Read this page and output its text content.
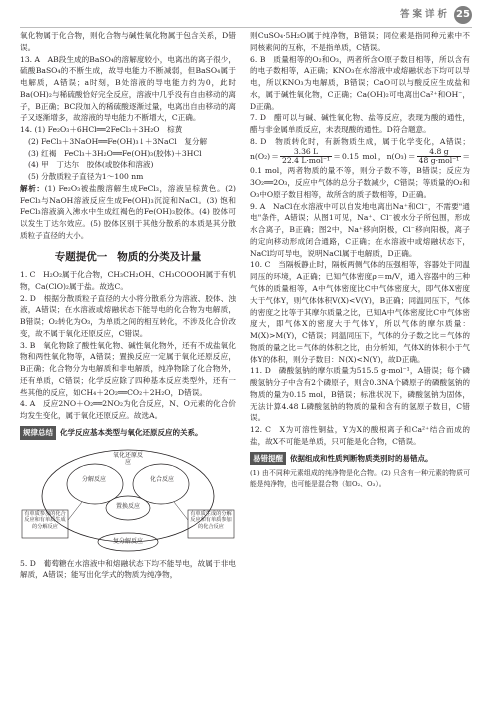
答案详析 25

氧化物属于化合物，则化合物与碱性氧化物属于包含关系，D错误。

13. A　AB段生成的BaSO₄的溶解度较小，电离出的离子很少，硫酸BaSO₄的不断生成，故导电能力不断减弱，但BaSO₄属于电解质，A错误；a时刻，B处溶液的导电能力约为0，此时Ba(OH)₂与稀硫酸恰好完全反应，溶液中几乎没有自由移动的离子，B正确；BC段加入的稀硫酸逐渐过量，电离出自由移动的离子又逐渐增多，故溶液的导电能力不断增大，C正确。

14. (1) Fe₂O₃＋6HCl══2FeCl₃＋3H₂O　棕黄

(2) FeCl₃＋3NaOH══Fe(OH)₃↓＋3NaCl　复分解

(3) 红褐　FeCl₃＋3H₂O══Fe(OH)₃(胶体)＋3HCl

(4) 甲　丁达尔　胶体(或胶体和溶液)

(5) 分散质粒子直径为1～100 nm

解析：(1) Fe₂O₃被盐酸溶解生成FeCl₃，溶液呈棕黄色。(2) FeCl₃与NaOH溶液反应生成Fe(OH)₃沉淀和NaCl。(3) 饱和FeCl₃溶液滴入沸水中生成红褐色的Fe(OH)₃胶体。(4) 胶体可以发生丁达尔效应。(5) 胶体区别于其他分散系的本质是其分散质粒子直径的大小。

专题提优一 物质的分类及计量

1. C　H₂O₂属于化合物，CH₃CH₂OH、CH₃COOOH属于有机物，Ca(ClO)₂属于盐。故选C。

2. D　根据分散质粒子直径的大小将分散系分为溶液、胶体、浊液，A错误；在水溶液或熔融状态下能导电的化合物为电解质，B错误；O₂转化为O₃，为单质之间的相互转化，不涉及化合价改变，故不属于氧化还原反应，C错误。

3. B　氧化物除了酸性氧化物、碱性氧化物外，还有不成盐氧化物和两性氧化物等，A错误；置换反应一定属于氧化还原反应，B正确；化合物分为电解质和非电解质，纯净物除了化合物外，还有单质，C错误；化学反应除了四种基本反应类型外，还有一些其他的反应，如CH₄＋2O₂══CO₂＋2H₂O，D错误。

4. A　反应2NO＋O₂══2NO₂为化合反应，N、O元素的化合价均发生变化，属于氧化还原反应。故选A。

规律总结 化学反应基本类型与氧化还原反应的关系。
氧化还原反应
分解反应	化合反应
置换反应
复分解反应
有单质参加的化合反应和有单质生成的分解反应
有单质生成的分解反应和有单质参加的化合反应

5. D　葡萄糖在水溶液中和熔融状态下均不能导电，故属于非电解质，A错误；能写出化学式的物质为纯净物，

则CuSO₄·5H₂O属于纯净物，B错误；同位素是指同种元素中不同核素间的互称，不是指单质，C错误。

6. B　质量相等的O₂和O₃，两者所含O原子数目相等，所以含有的电子数相等，A正确；KNO₃在水溶液中或熔融状态下均可以导电，所以KNO₃为电解质，B错误；CaO可以与酸反应生成盐和水，属于碱性氧化物，C正确；Ca(OH)₂可电离出Ca²⁺和OH⁻，D正确。

7. D　醋可以与碱、碱性氧化物、盐等反应，表现为酸的通性，醋与非金属单质反应，未表现酸的通性。D符合题意。

8. D　物质转化时，有新物质生成，属于化学变化，A错误；n(O₂)＝
3.36 L
22.4 L·mol⁻¹ ＝0.15 mol，n(O₃)＝
4.8 g
48 g·mol⁻¹ ＝0.1 mol，两者物质的量不等，则分子数不等，B错误；反应为3O₂══2O₃，反应中气体的总分子数减少，C错误；等质量的O₂和O₃中O原子数目相等，故所含的质子数相等，D正确。

9. A　NaCl在水溶液中可以自发地电离出Na⁺和Cl⁻，不需要"通电"条件，A错误；从图1可见，Na⁺、Cl⁻被水分子所包围，形成水合离子，B正确；图2中，Na⁺移向阴极，Cl⁻移向阳极，离子的定向移动形成闭合通路，C正确；在水溶液中或熔融状态下，NaCl均可导电，说明NaCl属于电解质，D正确。

10. C　当隔板静止时，隔板两侧气体的压强相等，容器处于同温同压的环境，A正确；已知气体密度ρ＝m/V，通入容器中的三种气体的质量相等，A中气体密度比C中气体密度大，即气体X密度大于气体Y，则气体体积V(X)<V(Y)，B正确；同温同压下，气体的密度之比等于其摩尔质量之比，已知A中气体密度比C中气体密度大，即气体X的密度大于气体Y，所以气体的摩尔质量：M(X)>M(Y)，C错误；同温同压下，气体的分子数之比＝气体的物质的量之比＝气体的体积之比，由分析知，气体X的体积小于气体Y的体积，则分子数目：N(X)<N(Y)，故D正确。

11. D　磷酸氢钠的摩尔质量为515.5 g·mol⁻¹，A错误；每个磷酸氢钠分子中含有2个磷原子，则含0.3NA个磷原子的磷酸氢钠的物质的量为0.15 mol，B错误；标准状况下，磷酸氢钠为固体，无法计算4.48 L磷酸氢钠的物质的量和含有的氢原子数目，C错误。

12. C　X为可溶性铜盐，Y为X的酸根离子和Ca²⁺结合而成的盐，故X不可能是单质，只可能是化合物，C错误。

易错提醒 依据组成和性质判断物质类别时的易错点。

(1) 由不同种元素组成的纯净物是化合物。(2) 只含有一种元素的物质可能是纯净物，也可能是混合物（如O₂、O₃）。
